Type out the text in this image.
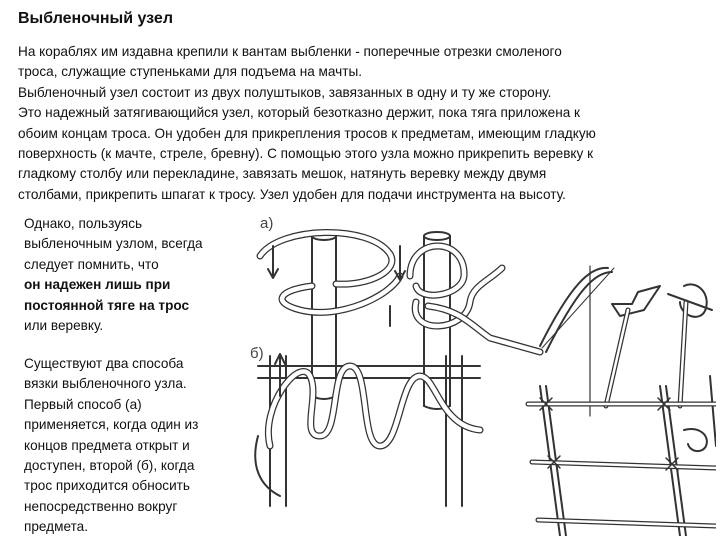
Выбленочный узел

На кораблях им издавна крепили к вантам выбленки - поперечные отрезки смоленого

троса, служащие ступеньками для подъема на мачты.

Выбленочный узел состоит из двух полуштыков, завязанных в одну и ту же сторону.

Это надежный затягивающийся узел, который безотказно держит, пока тяга приложена к

обоим концам троса. Он удобен для прикрепления тросов к предметам, имеющим гладкую

поверхность (к мачте, стреле, бревну). С помощью этого узла можно прикрепить веревку к

гладкому столбу или перекладине, завязать мешок, натянуть веревку между двумя

столбами, прикрепить шпагат к тросу. Узел удобен для подачи инструмента на высоту.

Однако, пользуясь

выбленочным узлом, всегда

следует помнить, что

он надежен лишь при

постоянной тяге на трос

или веревку.

Существуют два способа

вязки выбленочного узла.

Первый способ (а)

применяется, когда один из

концов предмета открыт и

доступен, второй (б), когда

трос приходится обносить

непосредственно вокруг

предмета.

а)
б)
